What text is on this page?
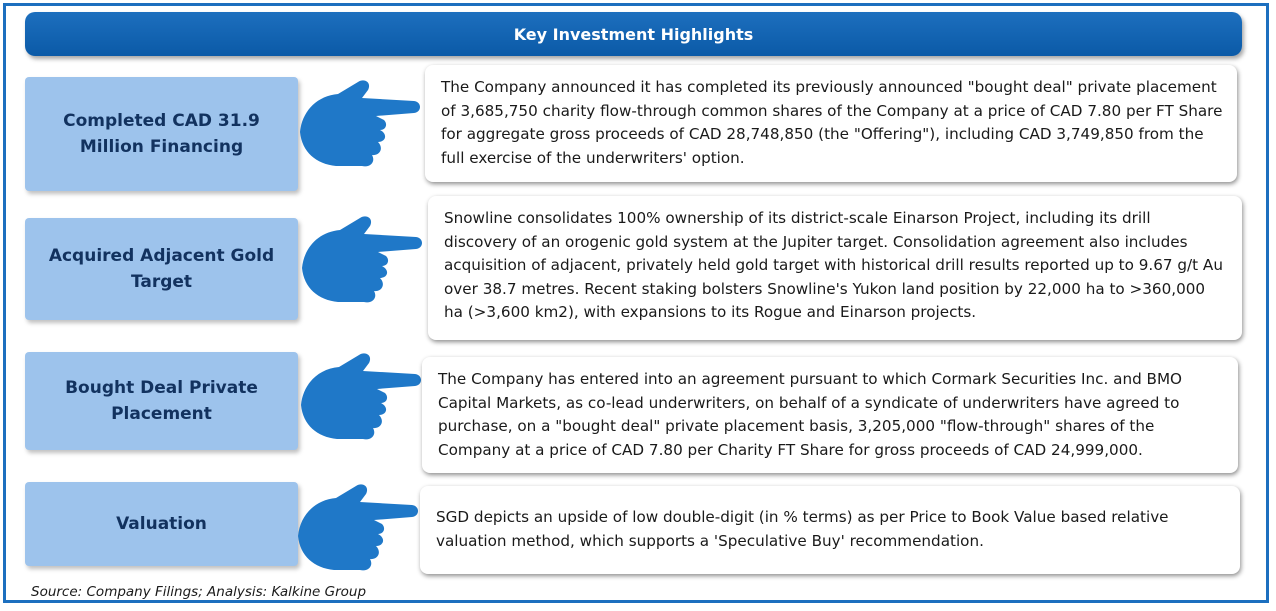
Key Investment Highlights
Completed CAD 31.9 Million Financing
The Company announced it has completed its previously announced "bought deal" private placement of 3,685,750 charity flow-through common shares of the Company at a price of CAD 7.80 per FT Share for aggregate gross proceeds of CAD 28,748,850 (the "Offering"), including CAD 3,749,850 from the full exercise of the underwriters' option.
Acquired Adjacent Gold Target
Snowline consolidates 100% ownership of its district-scale Einarson Project, including its drill discovery of an orogenic gold system at the Jupiter target. Consolidation agreement also includes acquisition of adjacent, privately held gold target with historical drill results reported up to 9.67 g/t Au over 38.7 metres. Recent staking bolsters Snowline's Yukon land position by 22,000 ha to >360,000 ha (>3,600 km2), with expansions to its Rogue and Einarson projects.
Bought Deal Private Placement
The Company has entered into an agreement pursuant to which Cormark Securities Inc. and BMO Capital Markets, as co-lead underwriters, on behalf of a syndicate of underwriters have agreed to purchase, on a "bought deal" private placement basis, 3,205,000 "flow-through" shares of the Company at a price of CAD 7.80 per Charity FT Share for gross proceeds of CAD 24,999,000.
Valuation	SGD depicts an upside of low double-digit (in % terms) as per Price to Book Value based relative valuation method, which supports a 'Speculative Buy' recommendation.
Source: Company Filings; Analysis: Kalkine Group
